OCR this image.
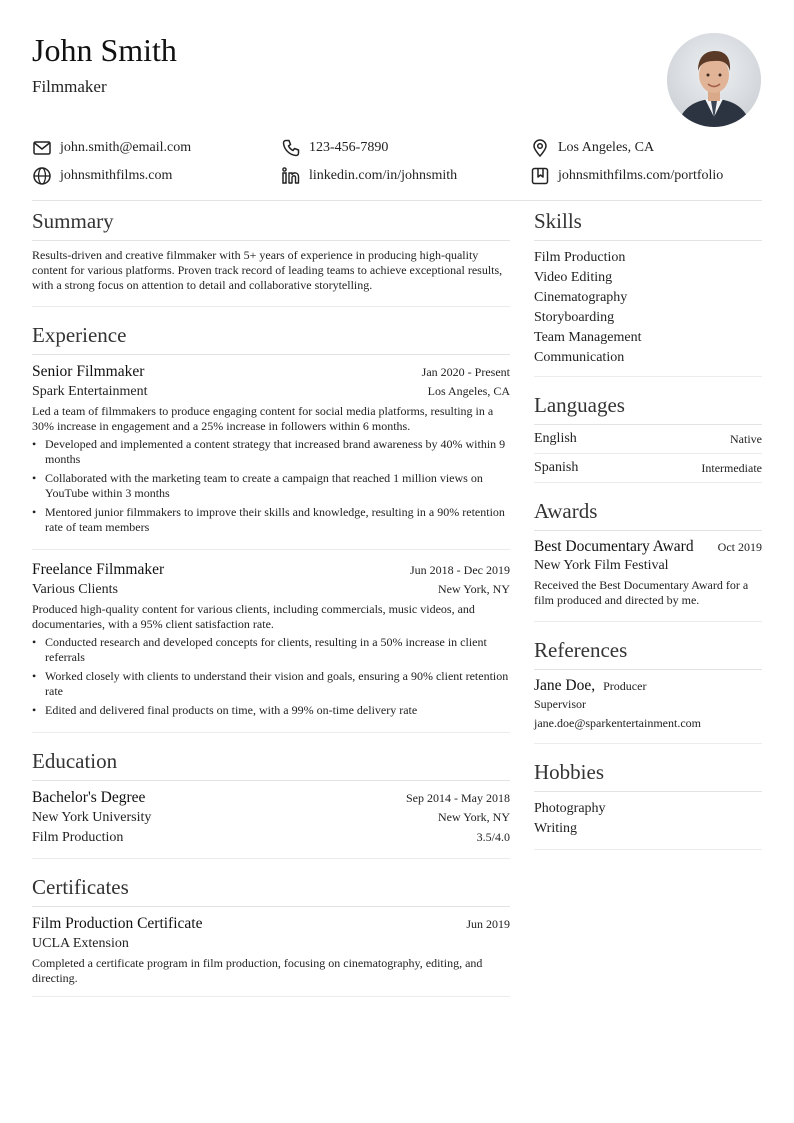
John Smith
Filmmaker
john.smith@email.com	123-456-7890	Los Angeles, CA
johnsmithfilms.com	linkedin.com/in/johnsmith	johnsmithfilms.com/portfolio
Summary
Results-driven and creative filmmaker with 5+ years of experience in producing high-quality content for various platforms. Proven track record of leading teams to achieve exceptional results, with a strong focus on attention to detail and collaborative storytelling.
Experience
Senior Filmmaker	Jan 2020 - Present
Spark Entertainment	Los Angeles, CA
Led a team of filmmakers to produce engaging content for social media platforms, resulting in a 30% increase in engagement and a 25% increase in followers within 6 months.
• Developed and implemented a content strategy that increased brand awareness by 40% within 9 months
• Collaborated with the marketing team to create a campaign that reached 1 million views on YouTube within 3 months
• Mentored junior filmmakers to improve their skills and knowledge, resulting in a 90% retention rate of team members
Freelance Filmmaker	Jun 2018 - Dec 2019
Various Clients	New York, NY
Produced high-quality content for various clients, including commercials, music videos, and documentaries, with a 95% client satisfaction rate.
• Conducted research and developed concepts for clients, resulting in a 50% increase in client referrals
• Worked closely with clients to understand their vision and goals, ensuring a 90% client retention rate
• Edited and delivered final products on time, with a 99% on-time delivery rate
Education
Bachelor's Degree	Sep 2014 - May 2018
New York University	New York, NY
Film Production	3.5/4.0
Certificates
Film Production Certificate	Jun 2019
UCLA Extension
Completed a certificate program in film production, focusing on cinematography, editing, and directing.
Skills
Film Production
Video Editing
Cinematography
Storyboarding
Team Management
Communication
Languages
English	Native
Spanish	Intermediate
Awards
Best Documentary Award Oct 2019
New York Film Festival
Received the Best Documentary Award for a film produced and directed by me.
References
Jane Doe, Producer
Supervisor
jane.doe@sparkentertainment.com
Hobbies
Photography
Writing
